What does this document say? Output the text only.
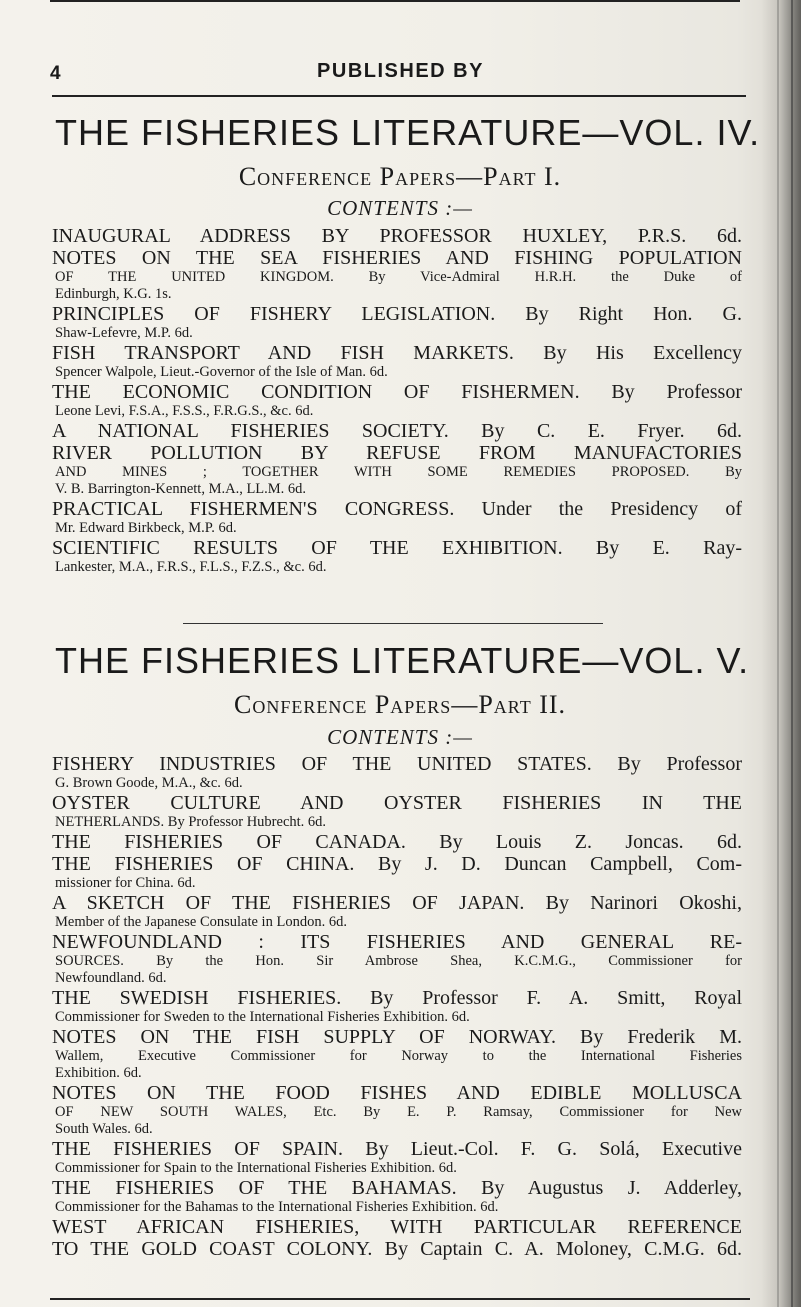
4	PUBLISHED BY
THE FISHERIES LITERATURE—VOL. IV.
Conference Papers—Part I.
CONTENTS :—
INAUGURAL ADDRESS BY PROFESSOR HUXLEY, P.R.S. 6d.
NOTES ON THE SEA FISHERIES AND FISHING POPULATION
OF THE UNITED KINGDOM. By Vice-Admiral H.R.H. the Duke of
Edinburgh, K.G. 1s.
PRINCIPLES OF FISHERY LEGISLATION. By Right Hon. G.
Shaw-Lefevre, M.P. 6d.
FISH TRANSPORT AND FISH MARKETS. By His Excellency
Spencer Walpole, Lieut.-Governor of the Isle of Man. 6d.
THE ECONOMIC CONDITION OF FISHERMEN. By Professor
Leone Levi, F.S.A., F.S.S., F.R.G.S., &c. 6d.
A NATIONAL FISHERIES SOCIETY. By C. E. Fryer. 6d.
RIVER POLLUTION BY REFUSE FROM MANUFACTORIES
AND MINES ; TOGETHER WITH SOME REMEDIES PROPOSED. By
V. B. Barrington-Kennett, M.A., LL.M. 6d.
PRACTICAL FISHERMEN'S CONGRESS. Under the Presidency of
Mr. Edward Birkbeck, M.P. 6d.
SCIENTIFIC RESULTS OF THE EXHIBITION. By E. Ray-
Lankester, M.A., F.R.S., F.L.S., F.Z.S., &c. 6d.
THE FISHERIES LITERATURE—VOL. V.
Conference Papers—Part II.
CONTENTS :—
FISHERY INDUSTRIES OF THE UNITED STATES. By Professor
G. Brown Goode, M.A., &c. 6d.
OYSTER CULTURE AND OYSTER FISHERIES IN THE
NETHERLANDS. By Professor Hubrecht. 6d.
THE FISHERIES OF CANADA. By Louis Z. Joncas. 6d.
THE FISHERIES OF CHINA. By J. D. Duncan Campbell, Com-
missioner for China. 6d.
A SKETCH OF THE FISHERIES OF JAPAN. By Narinori Okoshi,
Member of the Japanese Consulate in London. 6d.
NEWFOUNDLAND : ITS FISHERIES AND GENERAL RE-
SOURCES. By the Hon. Sir Ambrose Shea, K.C.M.G., Commissioner for
Newfoundland. 6d.
THE SWEDISH FISHERIES. By Professor F. A. Smitt, Royal
Commissioner for Sweden to the International Fisheries Exhibition. 6d.
NOTES ON THE FISH SUPPLY OF NORWAY. By Frederik M.
Wallem, Executive Commissioner for Norway to the International Fisheries
Exhibition. 6d.
NOTES ON THE FOOD FISHES AND EDIBLE MOLLUSCA
OF NEW SOUTH WALES, Etc. By E. P. Ramsay, Commissioner for New
South Wales. 6d.
THE FISHERIES OF SPAIN. By Lieut.-Col. F. G. Solá, Executive
Commissioner for Spain to the International Fisheries Exhibition. 6d.
THE FISHERIES OF THE BAHAMAS. By Augustus J. Adderley,
Commissioner for the Bahamas to the International Fisheries Exhibition. 6d.
WEST AFRICAN FISHERIES, WITH PARTICULAR REFERENCE
TO THE GOLD COAST COLONY. By Captain C. A. Moloney, C.M.G. 6d.
